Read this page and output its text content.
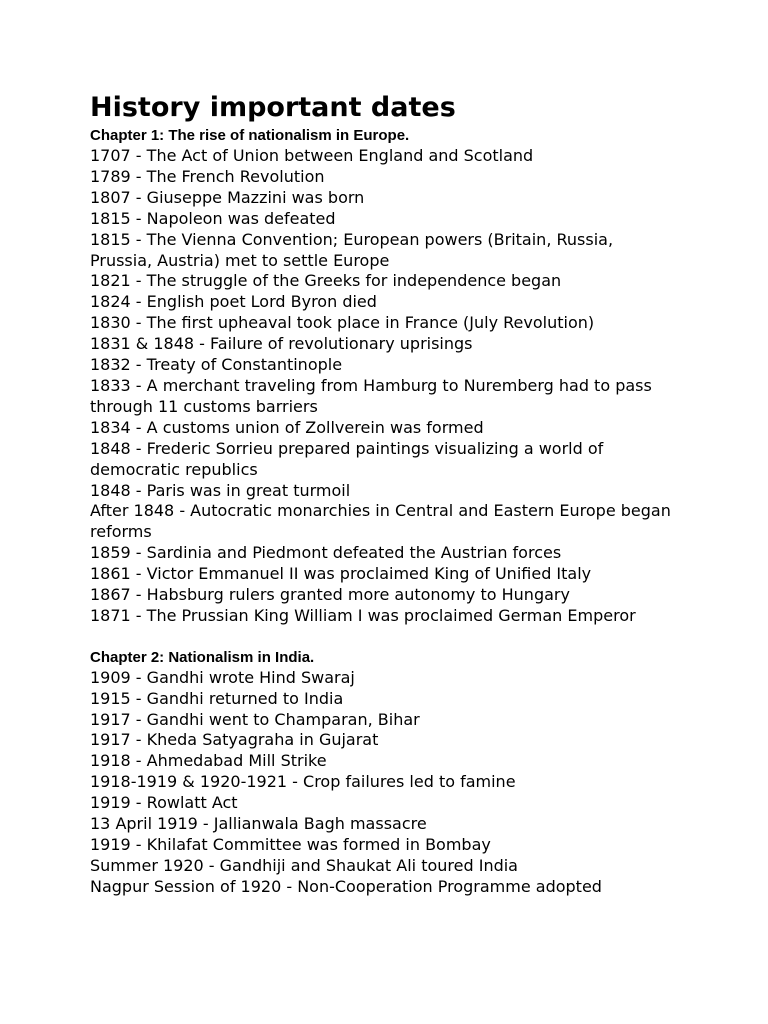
History important dates
Chapter 1: The rise of nationalism in Europe.
1707 - The Act of Union between England and Scotland
1789 - The French Revolution
1807 - Giuseppe Mazzini was born
1815 - Napoleon was defeated
1815 - The Vienna Convention; European powers (Britain, Russia, Prussia, Austria) met to settle Europe
1821 - The struggle of the Greeks for independence began
1824 - English poet Lord Byron died
1830 - The first upheaval took place in France (July Revolution)
1831 & 1848 - Failure of revolutionary uprisings
1832 - Treaty of Constantinople
1833 - A merchant traveling from Hamburg to Nuremberg had to pass through 11 customs barriers
1834 - A customs union of Zollverein was formed
1848 - Frederic Sorrieu prepared paintings visualizing a world of democratic republics
1848 - Paris was in great turmoil
After 1848 - Autocratic monarchies in Central and Eastern Europe began reforms
1859 - Sardinia and Piedmont defeated the Austrian forces
1861 - Victor Emmanuel II was proclaimed King of Unified Italy
1867 - Habsburg rulers granted more autonomy to Hungary
1871 - The Prussian King William I was proclaimed German Emperor
Chapter 2: Nationalism in India.
1909 - Gandhi wrote Hind Swaraj
1915 - Gandhi returned to India
1917 - Gandhi went to Champaran, Bihar
1917 - Kheda Satyagraha in Gujarat
1918 - Ahmedabad Mill Strike
1918-1919 & 1920-1921 - Crop failures led to famine
1919 - Rowlatt Act
13 April 1919 - Jallianwala Bagh massacre
1919 - Khilafat Committee was formed in Bombay
Summer 1920 - Gandhiji and Shaukat Ali toured India
Nagpur Session of 1920 - Non-Cooperation Programme adopted
